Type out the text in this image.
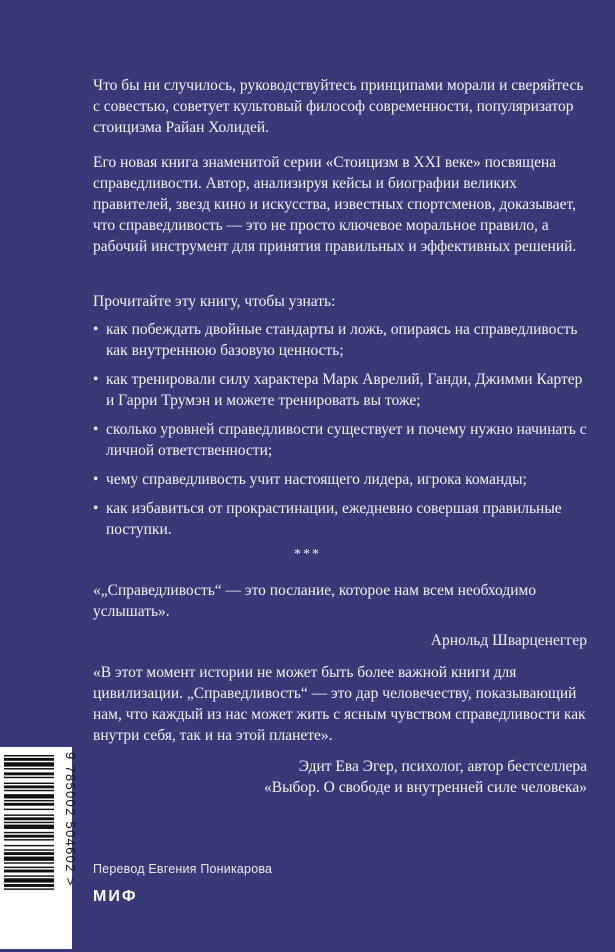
Что бы ни случилось, руководствуйтесь принципами морали и сверяйтесь с совестью, советует культовый философ современности, популяризатор стоицизма Райан Холидей.
Его новая книга знаменитой серии «Стоицизм в XXI веке» посвящена справедливости. Автор, анализируя кейсы и биографии великих правителей, звезд кино и искусства, известных спортсменов, доказывает, что справедливость — это не просто ключевое моральное правило, а рабочий инструмент для принятия правильных и эффективных решений.
Прочитайте эту книгу, чтобы узнать:
• как побеждать двойные стандарты и ложь, опираясь на справедливость как внутреннюю базовую ценность;
• как тренировали силу характера Марк Аврелий, Ганди, Джимми Картер и Гарри Трумэн и можете тренировать вы тоже;
• сколько уровней справедливости существует и почему нужно начинать с личной ответственности;
• чему справедливость учит настоящего лидера, игрока команды;
• как избавиться от прокрастинации, ежедневно совершая правильные поступки.
***
«„Справедливость“ — это послание, которое нам всем необходимо услышать».
Арнольд Шварценеггер
«В этот момент истории не может быть более важной книги для цивилизации. „Справедливость“ — это дар человечеству, показывающий нам, что каждый из нас может жить с ясным чувством справедливости как внутри себя, так и на этой планете».
Эдит Ева Эгер, психолог, автор бестселлера
«Выбор. О свободе и внутренней силе человека»
9 785002 504602 > Перевод Евгения Поникарова
МИФ
